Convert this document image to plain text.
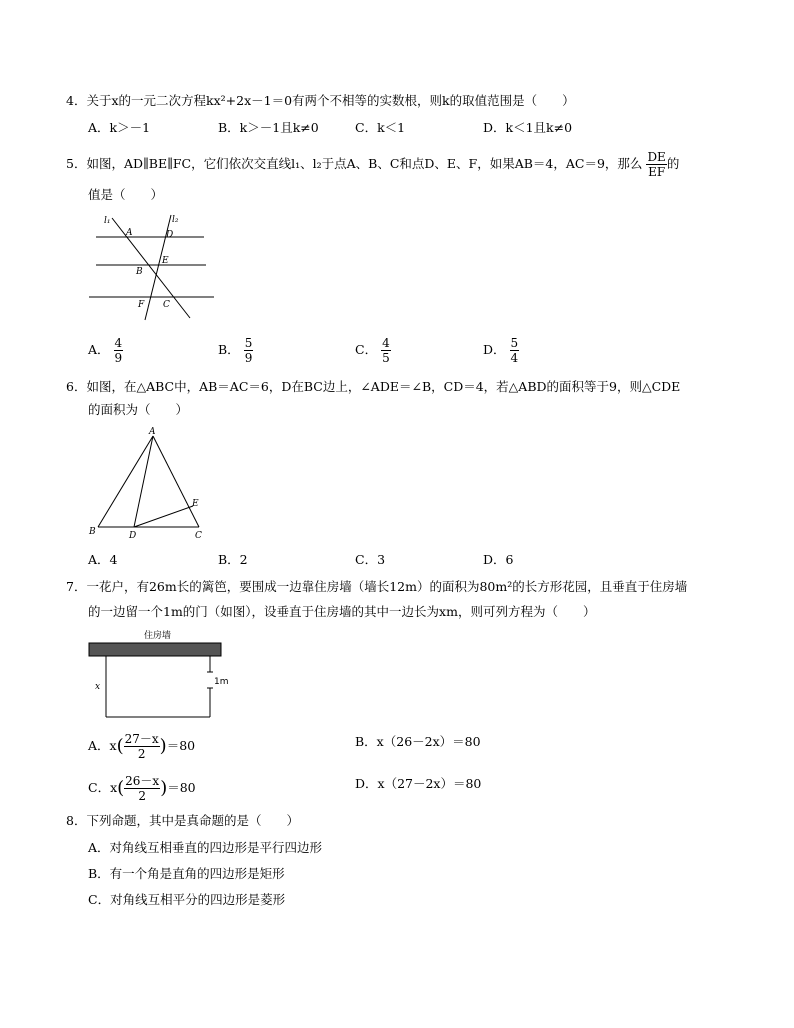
4．关于x的一元二次方程kx²+2x－1＝0有两个不相等的实数根，则k的取值范围是（　　）
A．k＞－1	B．k＞－1且k≠0	C．k＜1	D．k＜1且k≠0
5．如图，AD∥BE∥FC，它们依次交直线l₁、l₂于点A、B、C和点D、E、F，如果AB＝4，AC＝9，那么 $\frac{DE}{EF}$ 的
值是（　　）
l₁	l₂
A	D
B
E
F C
A． $\frac{4}{9}$	B． $\frac{5}{9}$	C． $\frac{4}{5}$	D． $\frac{5}{4}$
6．如图，在△ABC中，AB＝AC＝6，D在BC边上，∠ADE＝∠B，CD＝4，若△ABD的面积等于9，则△CDE
的面积为（　　）
A
B	D	C
E
A．4	B．2	C．3	D．6
7．一花户，有26m长的篱笆，要围成一边靠住房墙（墙长12m）的面积为80m²的长方形花园，且垂直于住房墙
的一边留一个1m的门（如图），设垂直于住房墙的其中一边长为xm，则可列方程为（　　）
住房墙
1m
x
A．$x( \frac{27-x}{2} )=80$	B．x（26－2x）＝80
C．$x( \frac{26-x}{2} )=80$	D．x（27－2x）＝80
8．下列命题，其中是真命题的是（　　）
A．对角线互相垂直的四边形是平行四边形
B．有一个角是直角的四边形是矩形
C．对角线互相平分的四边形是菱形
